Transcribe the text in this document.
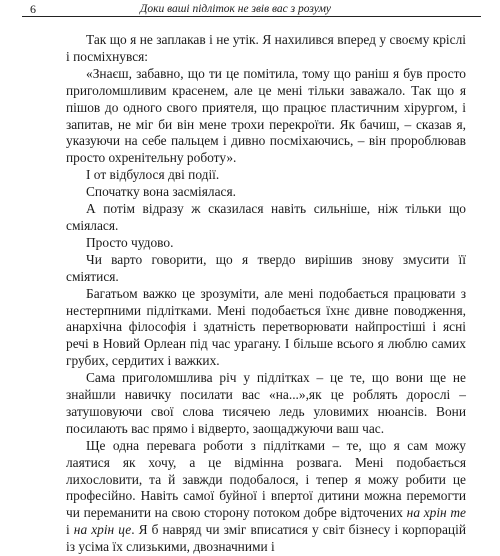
6	Доки ваші підліток не звів вас з розуму

Так що я не заплакав і не утік. Я нахилився вперед у своєму кріслі і посміхнувся:

«Знаєш, забавно, що ти це помітила, тому що раніш я був просто приголомшливим красенем, але це мені тільки заважало. Так що я пішов до одного свого приятеля, що працює пластичним хірургом, і запитав, не міг би він мене трохи перекроїти. Як бачиш, – сказав я, указуючи на себе пальцем і дивно посміхаючись, – він пророблював просто охренітельну роботу».

І от відбулося дві події.

Спочатку вона засміялася.

А потім відразу ж сказилася навіть сильніше, ніж тільки що сміялася.

Просто чудово.

Чи варто говорити, що я твердо вирішив знову змусити її сміятися.

Багатьом важко це зрозуміти, але мені подобається працювати з нестерпними підлітками. Мені подобається їхнє дивне поводження, анархічна філософія і здатність перетворювати найпростіші і ясні речі в Новий Орлеан під час урагану. І більше всього я люблю самих грубих, сердитих і важких.

Сама приголомшлива річ у підлітках – це те, що вони ще не знайшли навичку посилати вас «на...»,як це роблять дорослі – затушовуючи свої слова тисячею ледь уловимих нюансів. Вони посилають вас прямо і відверто, заощаджуючи ваш час.

Ще одна перевага роботи з підлітками – те, що я сам можу лаятися як хочу, а це відмінна розвага. Мені подобається лихословити, та й завжди подобалося, і тепер я можу робити це професійно. Навіть самої буйної і впертої дитини можна перемогти чи переманити на свою сторону потоком добре відточених на хрін те і на хрін це. Я б навряд чи зміг вписатися у світ бізнесу і корпорацій із усіма їх слизькими, двозначними і
